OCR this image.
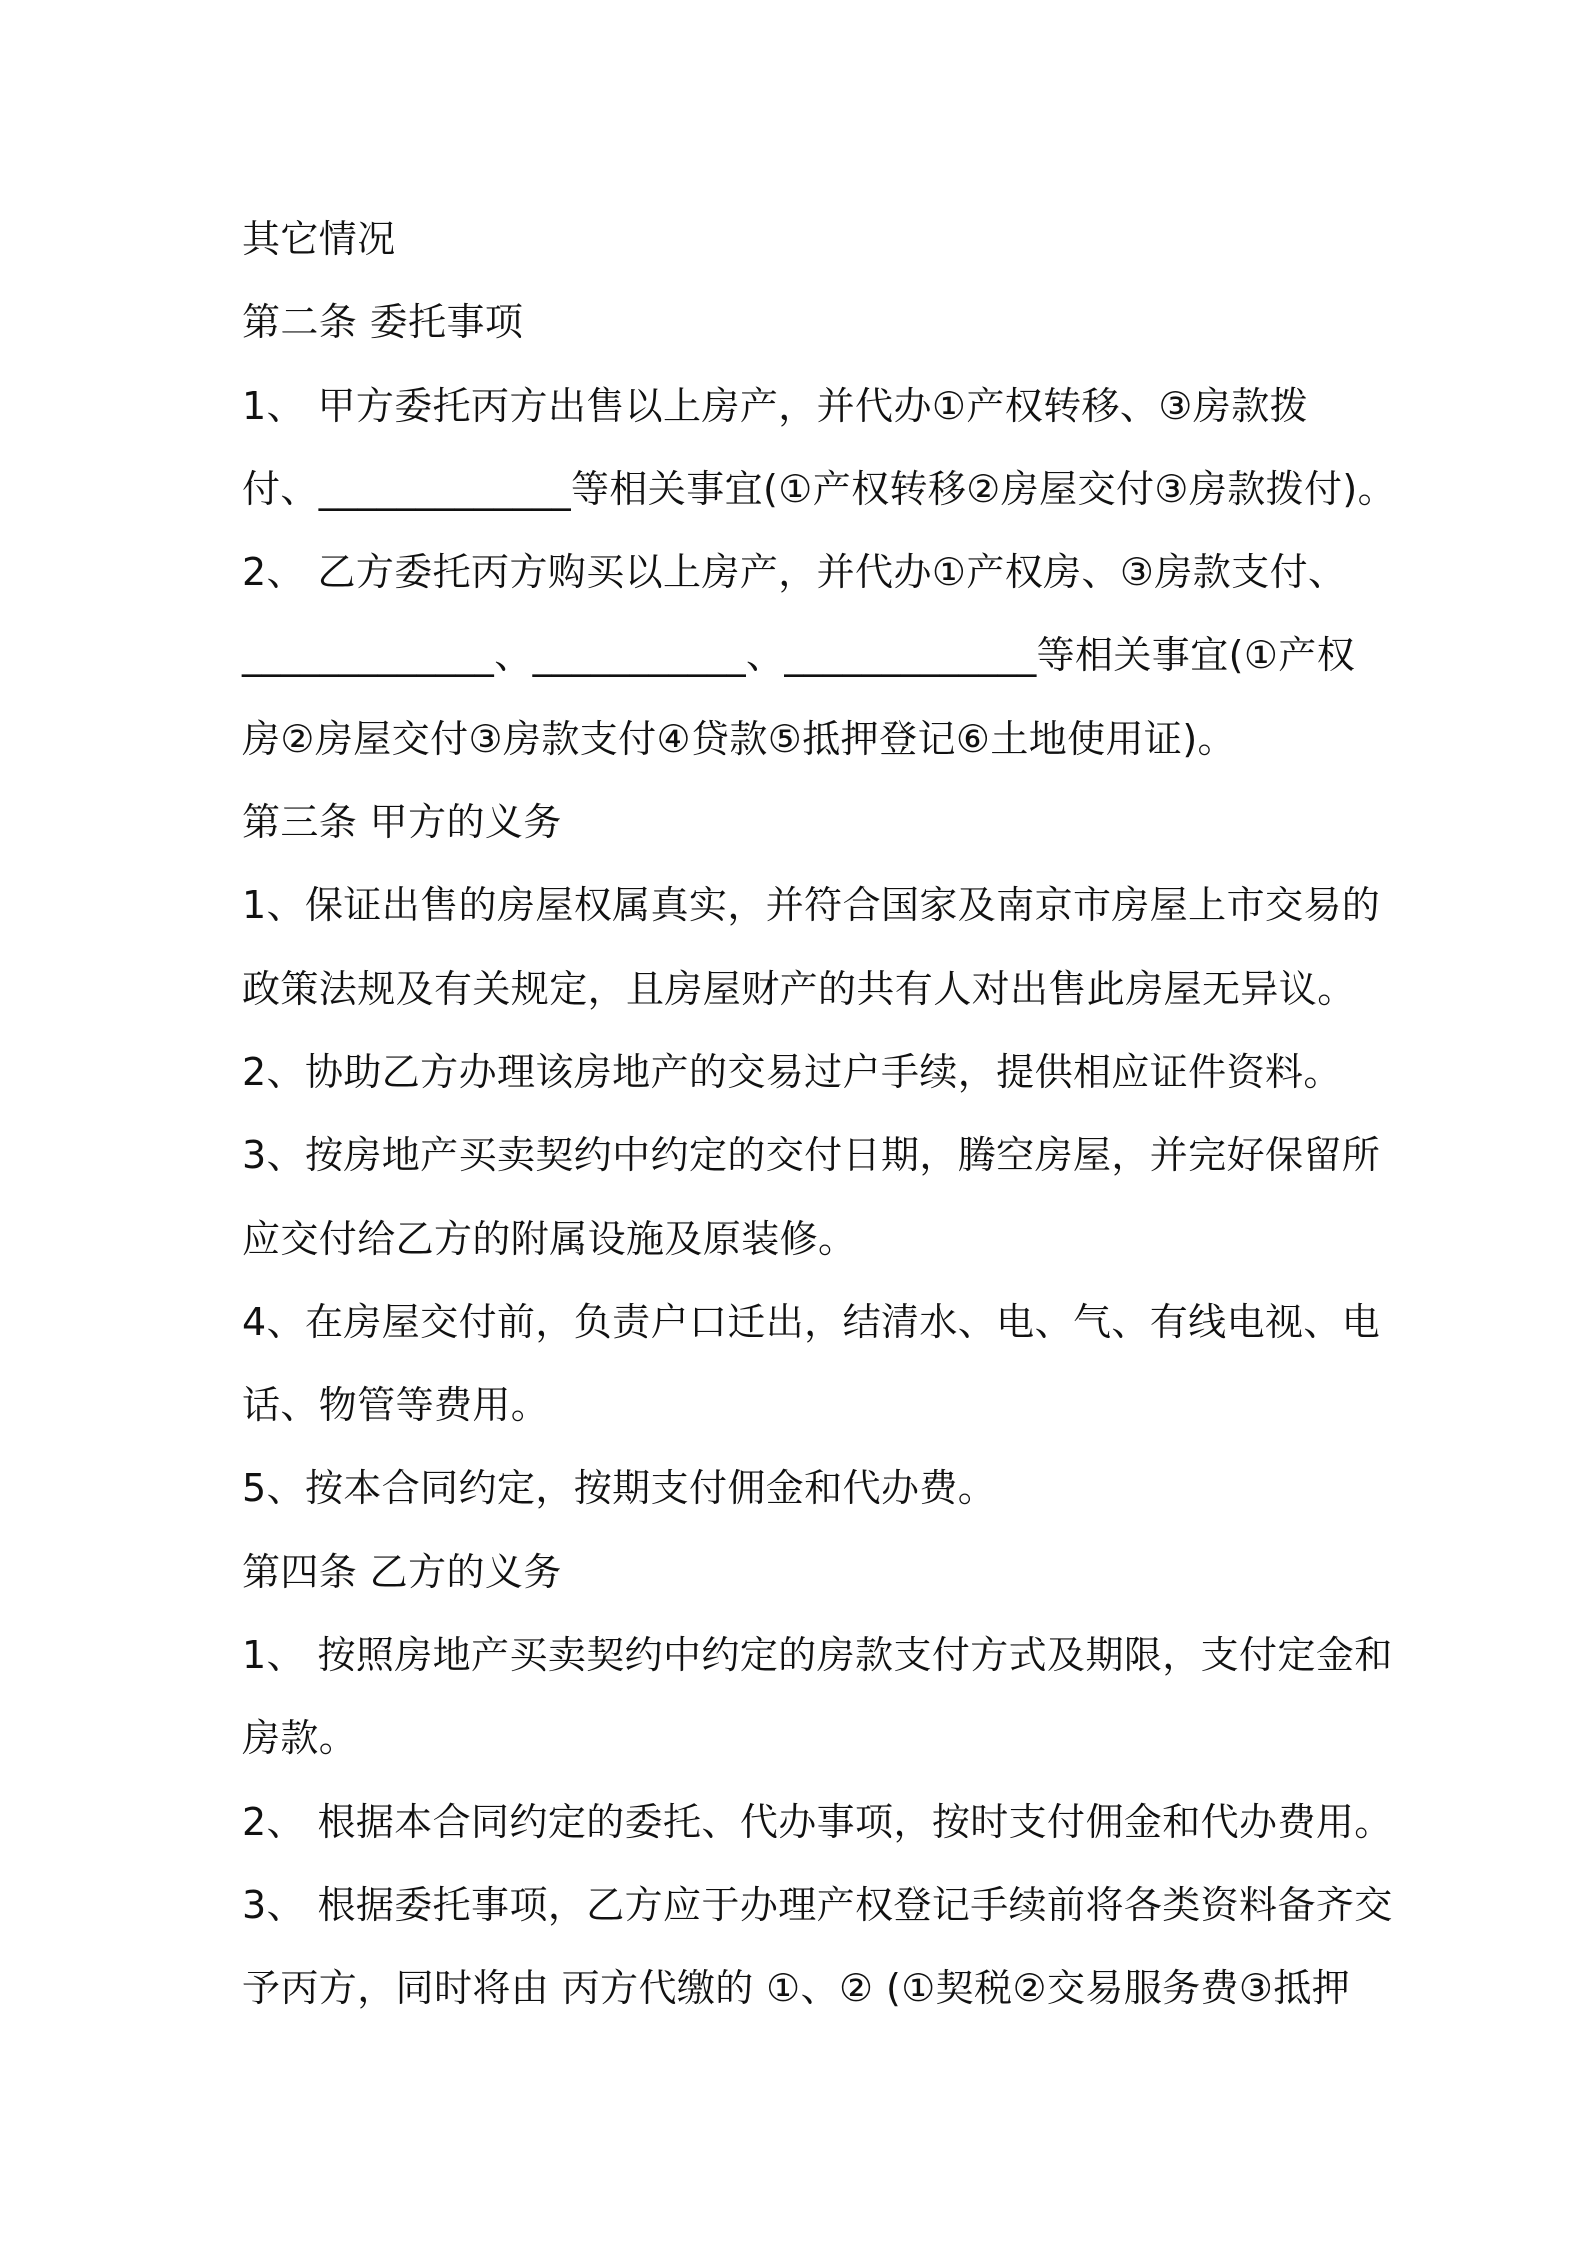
其它情况
第二条 委托事项
1、 甲方委托丙方出售以上房产，并代办①产权转移、③房款拨
付、_____________等相关事宜(①产权转移②房屋交付③房款拨付)。
2、 乙方委托丙方购买以上房产，并代办①产权房、③房款支付、
_____________、___________、_____________等相关事宜(①产权
房②房屋交付③房款支付④贷款⑤抵押登记⑥土地使用证)。
第三条 甲方的义务
1、保证出售的房屋权属真实，并符合国家及南京市房屋上市交易的
政策法规及有关规定，且房屋财产的共有人对出售此房屋无异议。
2、协助乙方办理该房地产的交易过户手续，提供相应证件资料。
3、按房地产买卖契约中约定的交付日期，腾空房屋，并完好保留所
应交付给乙方的附属设施及原装修。
4、在房屋交付前，负责户口迁出，结清水、电、气、有线电视、电
话、物管等费用。
5、按本合同约定，按期支付佣金和代办费。
第四条 乙方的义务
1、 按照房地产买卖契约中约定的房款支付方式及期限，支付定金和
房款。
2、 根据本合同约定的委托、代办事项，按时支付佣金和代办费用。
3、 根据委托事项，乙方应于办理产权登记手续前将各类资料备齐交
予丙方，同时将由 丙方代缴的 ①、② (①契税②交易服务费③抵押
